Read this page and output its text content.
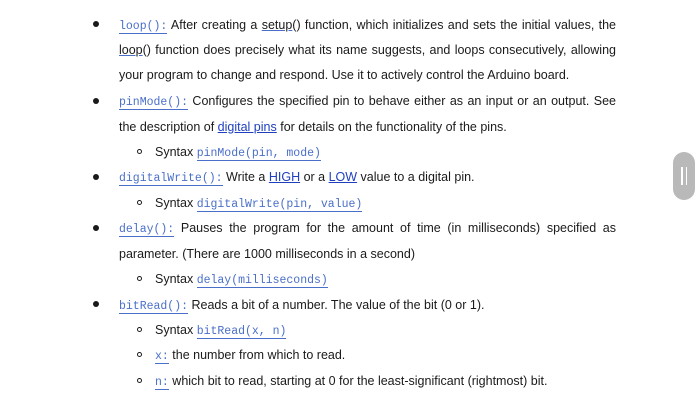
loop(): After creating a setup() function, which initializes and sets the initial values, the
loop() function does precisely what its name suggests, and loops consecutively, allowing
your program to change and respond. Use it to actively control the Arduino board.
pinMode(): Configures the specified pin to behave either as an input or an output. See
the description of digital pins for details on the functionality of the pins.
Syntax pinMode(pin, mode)
digitalWrite(): Write a HIGH or a LOW value to a digital pin.
Syntax digitalWrite(pin, value)
delay(): Pauses the program for the amount of time (in milliseconds) specified as
parameter. (There are 1000 milliseconds in a second)
Syntax delay(milliseconds)
bitRead(): Reads a bit of a number. The value of the bit (0 or 1).
Syntax bitRead(x, n)
x: the number from which to read.
n: which bit to read, starting at 0 for the least-significant (rightmost) bit.
